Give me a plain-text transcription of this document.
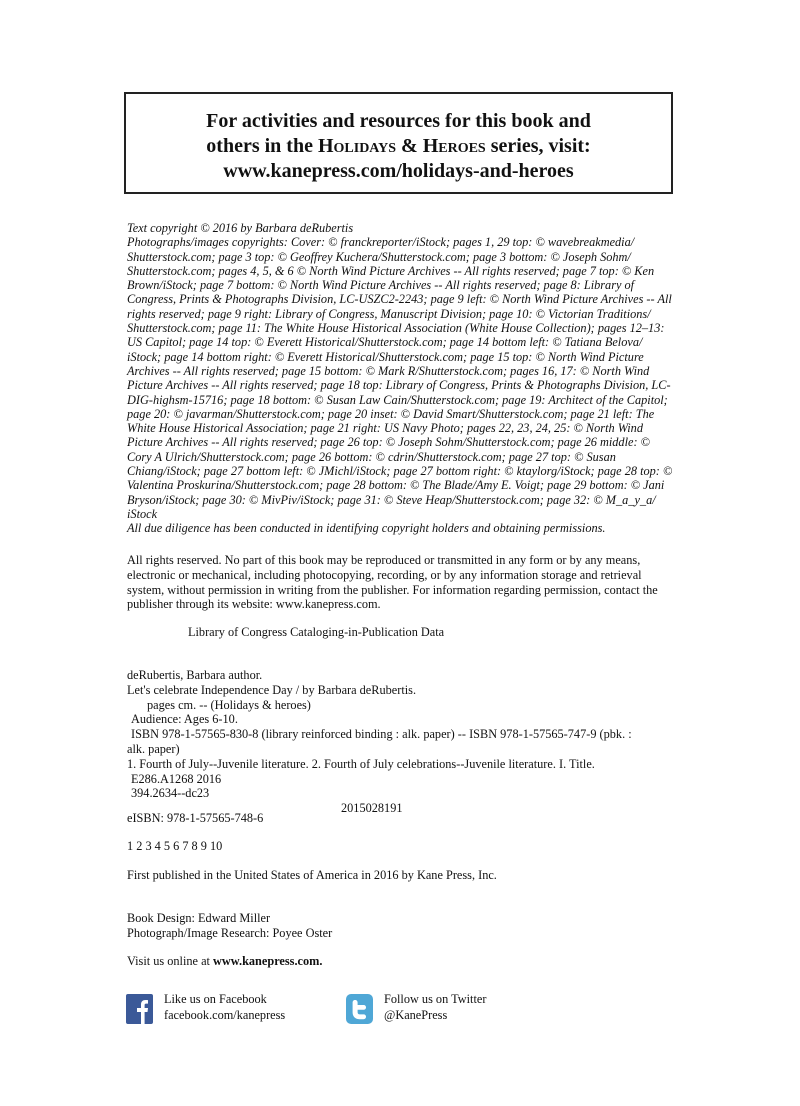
For activities and resources for this book and
others in the Holidays & Heroes series, visit:
www.kanepress.com/holidays-and-heroes

Text copyright © 2016 by Barbara deRubertis

Photographs/images copyrights: Cover: © franckreporter/iStock; pages 1, 29 top: © wavebreakmedia/ Shutterstock.com; page 3 top: © Geoffrey Kuchera/Shutterstock.com; page 3 bottom: © Joseph Sohm/ Shutterstock.com; pages 4, 5, & 6 © North Wind Picture Archives -- All rights reserved; page 7 top: © Ken Brown/iStock; page 7 bottom: © North Wind Picture Archives -- All rights reserved; page 8: Library of Congress, Prints & Photographs Division, LC-USZC2-2243; page 9 left: © North Wind Picture Archives -- All rights reserved; page 9 right: Library of Congress, Manuscript Division; page 10: © Victorian Traditions/ Shutterstock.com; page 11: The White House Historical Association (White House Collection); pages 12–13: US Capitol; page 14 top: © Everett Historical/Shutterstock.com; page 14 bottom left: © Tatiana Belova/ iStock; page 14 bottom right: © Everett Historical/Shutterstock.com; page 15 top: © North Wind Picture Archives -- All rights reserved; page 15 bottom: © Mark R/Shutterstock.com; pages 16, 17: © North Wind Picture Archives -- All rights reserved; page 18 top: Library of Congress, Prints & Photographs Division, LC-DIG-highsm-15716; page 18 bottom: © Susan Law Cain/Shutterstock.com; page 19: Architect of the Capitol; page 20: © javarman/Shutterstock.com; page 20 inset: © David Smart/Shutterstock.com; page 21 left: The White House Historical Association; page 21 right: US Navy Photo; pages 22, 23, 24, 25: © North Wind Picture Archives -- All rights reserved; page 26 top: © Joseph Sohm/Shutterstock.com; page 26 middle: © Cory A Ulrich/Shutterstock.com; page 26 bottom: © cdrin/Shutterstock.com; page 27 top: © Susan Chiang/iStock; page 27 bottom left: © JMichl/iStock; page 27 bottom right: © ktaylorg/iStock; page 28 top: © Valentina Proskurina/Shutterstock.com; page 28 bottom: © The Blade/Amy E. Voigt; page 29 bottom: © Jani Bryson/iStock; page 30: © MivPiv/iStock; page 31: © Steve Heap/Shutterstock.com; page 32: © M_a_y_a/ iStock

All due diligence has been conducted in identifying copyright holders and obtaining permissions.

All rights reserved. No part of this book may be reproduced or transmitted in any form or by any means, electronic or mechanical, including photocopying, recording, or by any information storage and retrieval system, without permission in writing from the publisher. For information regarding permission, contact the publisher through its website: www.kanepress.com.
Library of Congress Cataloging-in-Publication Data
deRubertis, Barbara author.
Let's celebrate Independence Day / by Barbara deRubertis.
pages cm. -- (Holidays & heroes)
Audience: Ages 6-10.
ISBN 978-1-57565-830-8 (library reinforced binding : alk. paper) -- ISBN 978-1-57565-747-9 (pbk. :
alk. paper)
1. Fourth of July--Juvenile literature. 2. Fourth of July celebrations--Juvenile literature. I. Title.
E286.A1268 2016
394.2634--dc23
2015028191
eISBN: 978-1-57565-748-6
1 2 3 4 5 6 7 8 9 10
First published in the United States of America in 2016 by Kane Press, Inc.
Book Design: Edward Miller
Photograph/Image Research: Poyee Oster
Visit us online at www.kanepress.com.
Like us on Facebook
facebook.com/kanepress
Follow us on Twitter
@KanePress
